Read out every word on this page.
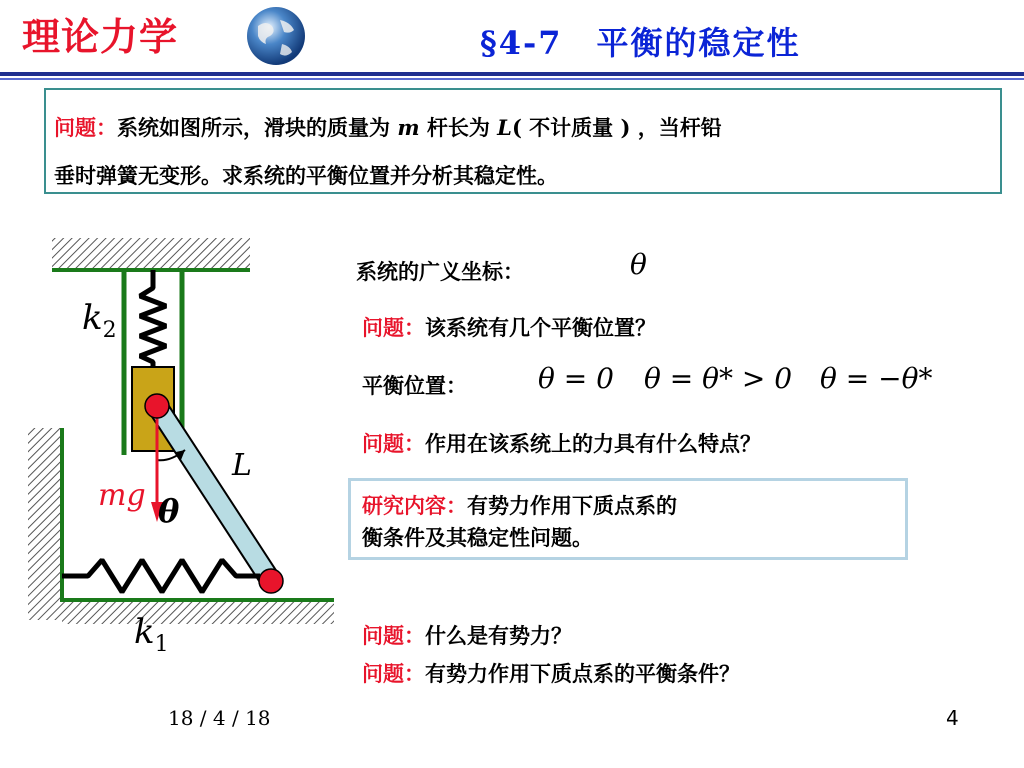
理论力学	§4-7　平衡的稳定性
问题：系统如图所示，滑块的质量为 m 杆长为 L( 不计质量 ) ，当杆铅
垂时弹簧无变形。求系统的平衡位置并分析其稳定性。
$k_2$
$k_1$
L
mg θ
系统的广义坐标：	θ
问题：该系统有几个平衡位置？
平衡位置：	θ = 0 θ = θ* > 0 θ = −θ*
问题：作用在该系统上的力具有什么特点？
研究内容：有势力作用下质点系的
衡条件及其稳定性问题。
问题：什么是有势力？
问题：有势力作用下质点系的平衡条件？
18 / 4 / 18	4
